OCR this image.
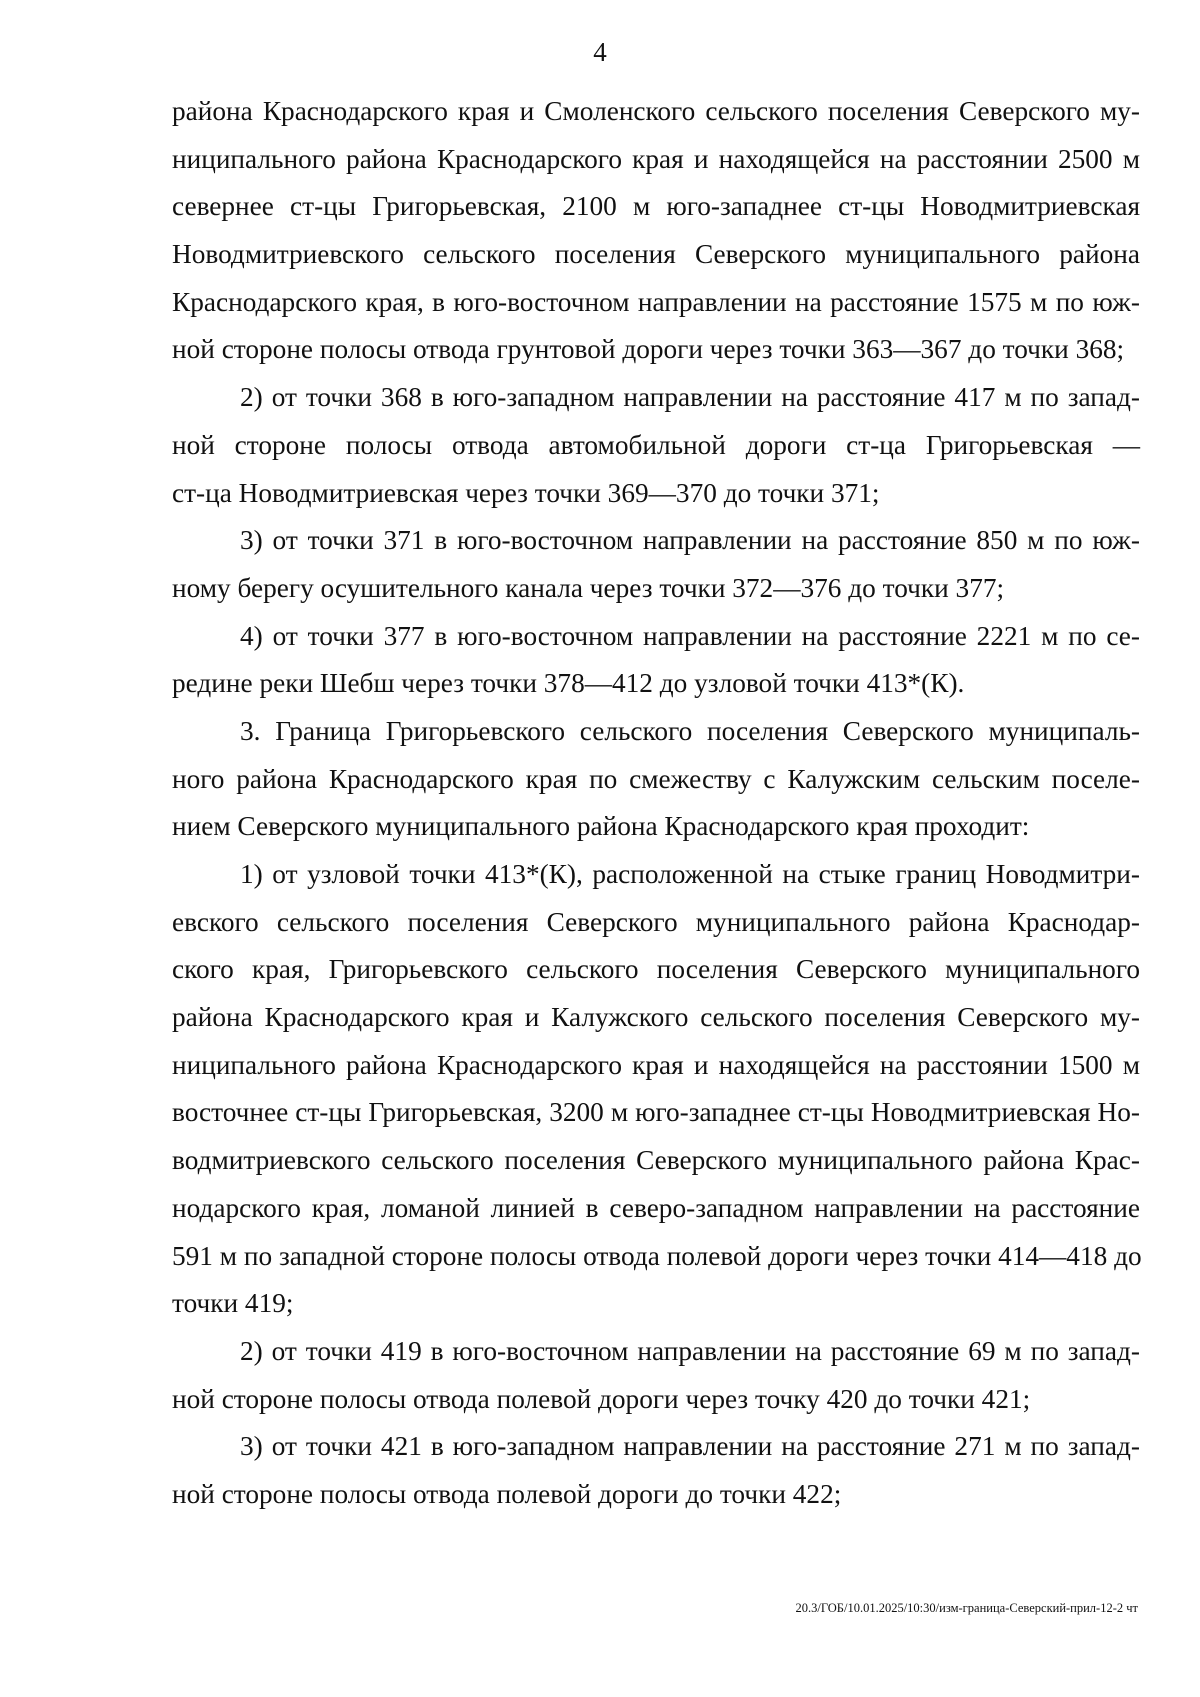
4
района Краснодарского края и Смоленского сельского поселения Северского му-
ниципального района Краснодарского края и находящейся на расстоянии 2500 м
севернее ст-цы Григорьевская, 2100 м юго-западнее ст-цы Новодмитриевская
Новодмитриевского сельского поселения Северского муниципального района
Краснодарского края, в юго-восточном направлении на расстояние 1575 м по юж-
ной стороне полосы отвода грунтовой дороги через точки 363—367 до точки 368;
2) от точки 368 в юго-западном направлении на расстояние 417 м по запад-
ной стороне полосы отвода автомобильной дороги ст-ца Григорьевская —
ст-ца Новодмитриевская через точки 369—370 до точки 371;
3) от точки 371 в юго-восточном направлении на расстояние 850 м по юж-
ному берегу осушительного канала через точки 372—376 до точки 377;
4) от точки 377 в юго-восточном направлении на расстояние 2221 м по се-
редине реки Шебш через точки 378—412 до узловой точки 413*(К).
3. Граница Григорьевского сельского поселения Северского муниципаль-
ного района Краснодарского края по смежеству с Калужским сельским поселе-
нием Северского муниципального района Краснодарского края проходит:
1) от узловой точки 413*(К), расположенной на стыке границ Новодмитри-
евского сельского поселения Северского муниципального района Краснодар-
ского края, Григорьевского сельского поселения Северского муниципального
района Краснодарского края и Калужского сельского поселения Северского му-
ниципального района Краснодарского края и находящейся на расстоянии 1500 м
восточнее ст-цы Григорьевская, 3200 м юго-западнее ст-цы Новодмитриевская Но-
водмитриевского сельского поселения Северского муниципального района Крас-
нодарского края, ломаной линией в северо-западном направлении на расстояние
591 м по западной стороне полосы отвода полевой дороги через точки 414—418 до
точки 419;
2) от точки 419 в юго-восточном направлении на расстояние 69 м по запад-
ной стороне полосы отвода полевой дороги через точку 420 до точки 421;
3) от точки 421 в юго-западном направлении на расстояние 271 м по запад-
ной стороне полосы отвода полевой дороги до точки 422;
20.3/ГОБ/10.01.2025/10:30/изм-граница-Северский-прил-12-2 чт
